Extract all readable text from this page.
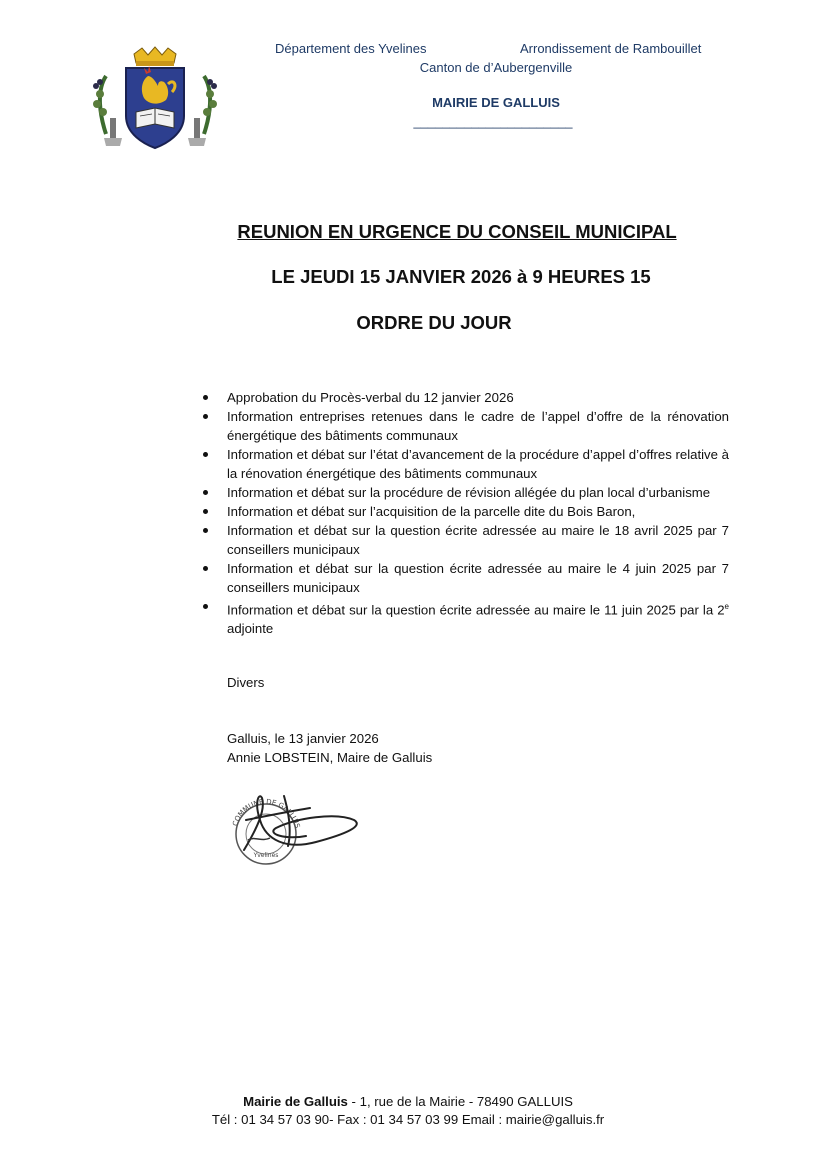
Département des Yvelines	Arrondissement de Rambouillet
Canton de d’Aubergenville
MAIRIE DE GALLUIS
______________________
REUNION EN URGENCE DU CONSEIL MUNICIPAL
LE JEUDI 15 JANVIER 2026 à 9 HEURES 15
ORDRE DU JOUR
Approbation du Procès-verbal du 12 janvier 2026
Information entreprises retenues dans le cadre de l’appel d’offre de la rénovation énergétique des bâtiments communaux
Information et débat sur l’état d’avancement de la procédure d’appel d’offres relative à la rénovation énergétique des bâtiments communaux
Information et débat sur la procédure de révision allégée du plan local d’urbanisme
Information et débat sur l’acquisition de la parcelle dite du Bois Baron,
Information et débat sur la question écrite adressée au maire le 18 avril 2025 par 7 conseillers municipaux
Information et débat sur la question écrite adressée au maire le 4 juin 2025 par 7 conseillers municipaux
Information et débat sur la question écrite adressée au maire le 11 juin 2025 par la 2e adjointe
Divers
Galluis, le 13 janvier 2026
Annie LOBSTEIN, Maire de Galluis
COMMUNE DE GALLUIS
Yvelines
Mairie de Galluis - 1, rue de la Mairie - 78490 GALLUIS
Tél : 01 34 57 03 90- Fax : 01 34 57 03 99 Email : mairie@galluis.fr
